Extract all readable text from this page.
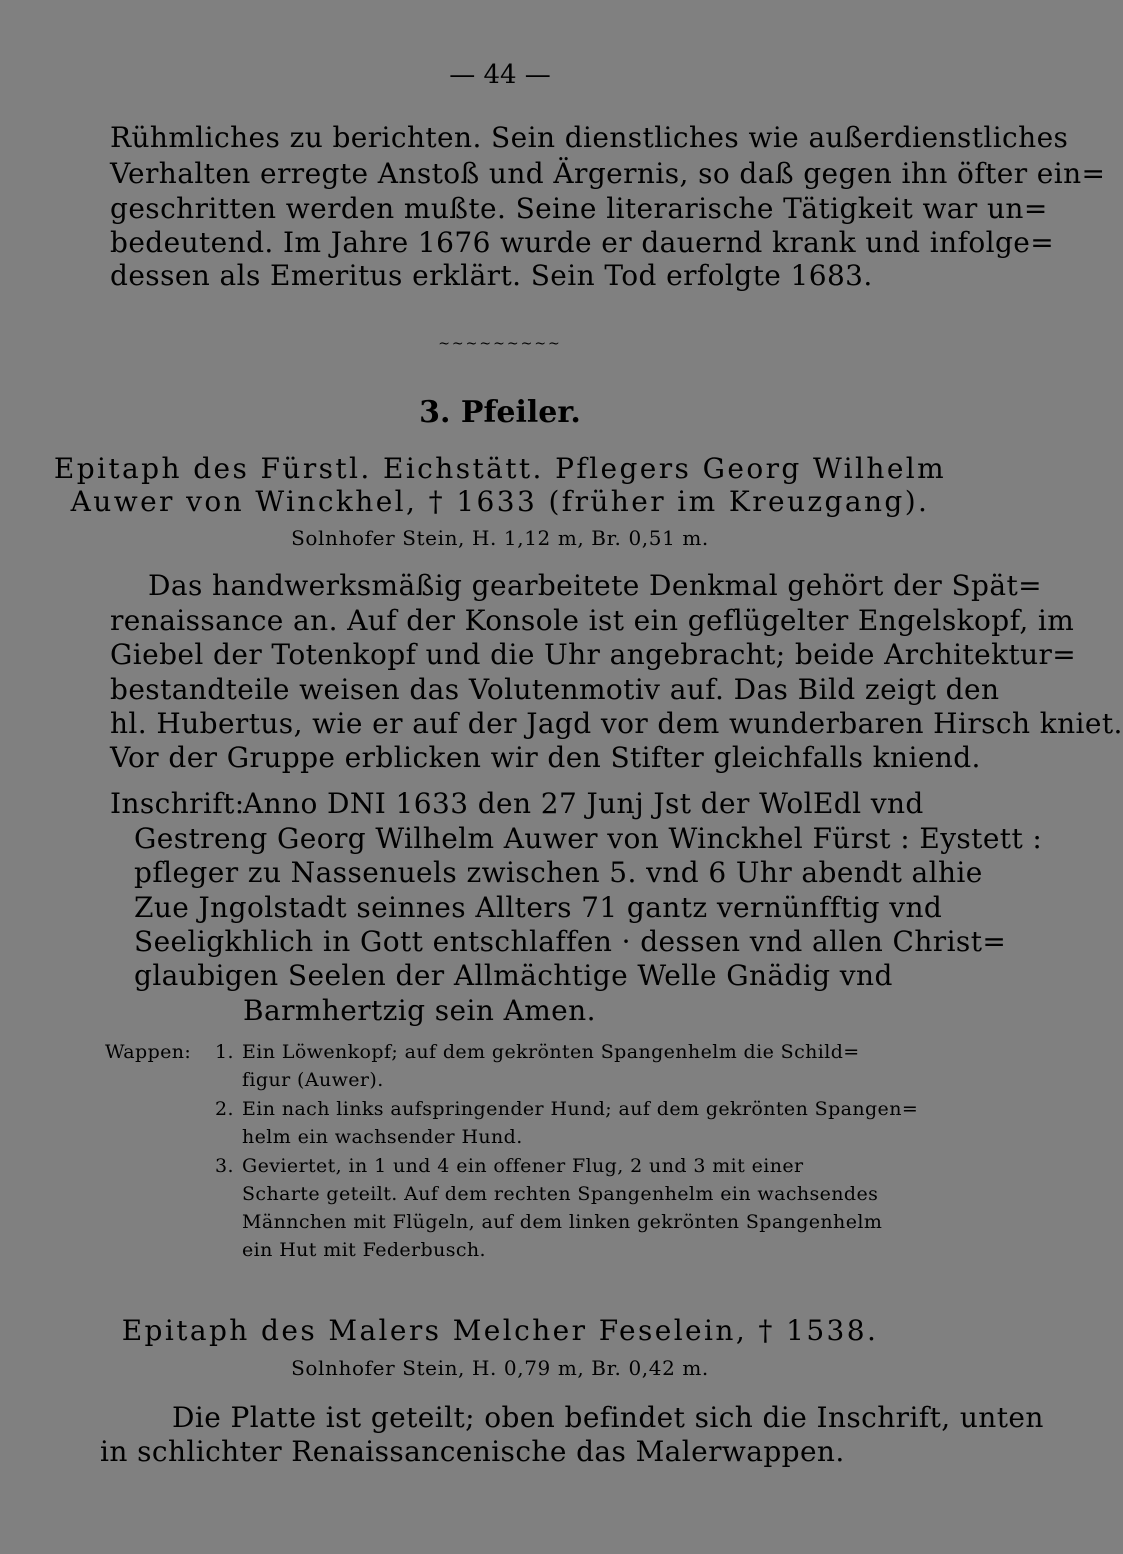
— 44 —
Rühmliches zu berichten. Sein dienstliches wie außerdienstliches
Verhalten erregte Anstoß und Ärgernis, so daß gegen ihn öfter ein=
geschritten werden mußte. Seine literarische Tätigkeit war un=
bedeutend. Im Jahre 1676 wurde er dauernd krank und infolge=
dessen als Emeritus erklärt. Sein Tod erfolgte 1683.
~~~~~~~~~
3. Pfeiler.
Epitaph des Fürstl. Eichstätt. Pflegers Georg Wilhelm
Auwer von Winckhel, † 1633 (früher im Kreuzgang).
Solnhofer Stein, H. 1,12 m, Br. 0,51 m.
Das handwerksmäßig gearbeitete Denkmal gehört der Spät=
renaissance an. Auf der Konsole ist ein geflügelter Engelskopf, im
Giebel der Totenkopf und die Uhr angebracht; beide Architektur=
bestandteile weisen das Volutenmotiv auf. Das Bild zeigt den
hl. Hubertus, wie er auf der Jagd vor dem wunderbaren Hirsch kniet.
Vor der Gruppe erblicken wir den Stifter gleichfalls kniend.
Inschrift:
Anno DNI 1633 den 27 Junj Jst der WolEdl vnd
Gestreng Georg Wilhelm Auwer von Winckhel Fürst : Eystett :
pfleger zu Nassenuels zwischen 5. vnd 6 Uhr abendt alhie
Zue Jngolstadt seinnes Allters 71 gantz vernünfftig vnd
Seeligkhlich in Gott entschlaffen · dessen vnd allen Christ=
glaubigen Seelen der Allmächtige Welle Gnädig vnd
Barmhertzig sein Amen.
Wappen: 1. Ein Löwenkopf; auf dem gekrönten Spangenhelm die Schild=
figur (Auwer).
2. Ein nach links aufspringender Hund; auf dem gekrönten Spangen=
helm ein wachsender Hund.
3. Geviertet, in 1 und 4 ein offener Flug, 2 und 3 mit einer
Scharte geteilt. Auf dem rechten Spangenhelm ein wachsendes
Männchen mit Flügeln, auf dem linken gekrönten Spangenhelm
ein Hut mit Federbusch.
Epitaph des Malers Melcher Feselein, † 1538.
Solnhofer Stein, H. 0,79 m, Br. 0,42 m.
Die Platte ist geteilt; oben befindet sich die Inschrift, unten
in schlichter Renaissancenische das Malerwappen.
